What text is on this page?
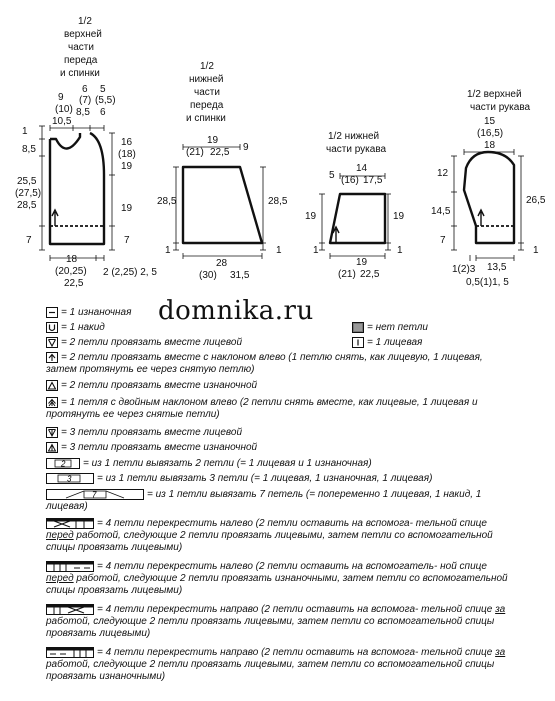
1/2
верхней
части
переда
и спинки
9
(10)
10,5
6
(7)
8,5
5
(5,5)
6
1
8,5
25,5
(27,5)
28,5
7
16
(18)
19
19
7
18
(20,25)
22,5
2 (2,25) 2, 5
1/2
нижней
части
переда
и спинки
19
(21) 22,5 9
28,5	28,5
1	1
28
(30) 31,5
1/2 нижней
части рукава
14
(16) 17,5
5
19	19
1	1
19
(21) 22,5
1/2 верхней
части рукава
15
(16,5)
18
12
14,5
7
26,5
1
13,5
1(2)3
0,5(1)1, 5
domnika.ru
= 1 изнаночная
= 1 накид	= нет петли
= 2 петли провязать вместе лицевой	= 1 лицевая
= 2 петли провязать вместе с наклоном влево (1 петлю снять, как лицевую, 1 лицевая, затем протянуть ее через снятую петлю)
= 2 петли провязать вместе изнаночной
= 1 петля с двойным наклоном влево (2 петли снять вместе, как лицевые, 1 лицевая и протянуть ее через снятые петли)
= 3 петли провязать вместе лицевой
= 3 петли провязать вместе изнаночной
2 = из 1 петли вывязать 2 петли (= 1 лицевая и 1 изнаночная)
3	= из 1 петли вывязать 3 петли (= 1 лицевая, 1 изнаночная, 1 лицевая)
7	= из 1 петли вывязать 7 петель (= попеременно 1 лицевая, 1 накид, 1 лицевая)
= 4 петли перекрестить налево (2 петли оставить на вспомога- тельной спице перед работой, следующие 2 петли провязать лицевыми, затем петли со вспомогательной спицы провязать лицевыми)
= 4 петли перекрестить налево (2 петли оставить на вспомогатель- ной спице перед работой, следующие 2 петли провязать изнаночными, затем петли со вспомогательной спицы провязать лицевыми)
= 4 петли перекрестить направо (2 петли оставить на вспомога- тельной спице за работой, следующие 2 петли провязать лицевыми, затем петли со вспомогательной спицы провязать лицевыми)
= 4 петли перекрестить направо (2 петли оставить на вспомога- тельной спице за работой, следующие 2 петли провязать лицевыми, затем петли со вспомогательной спицы провязать изнаночными)
